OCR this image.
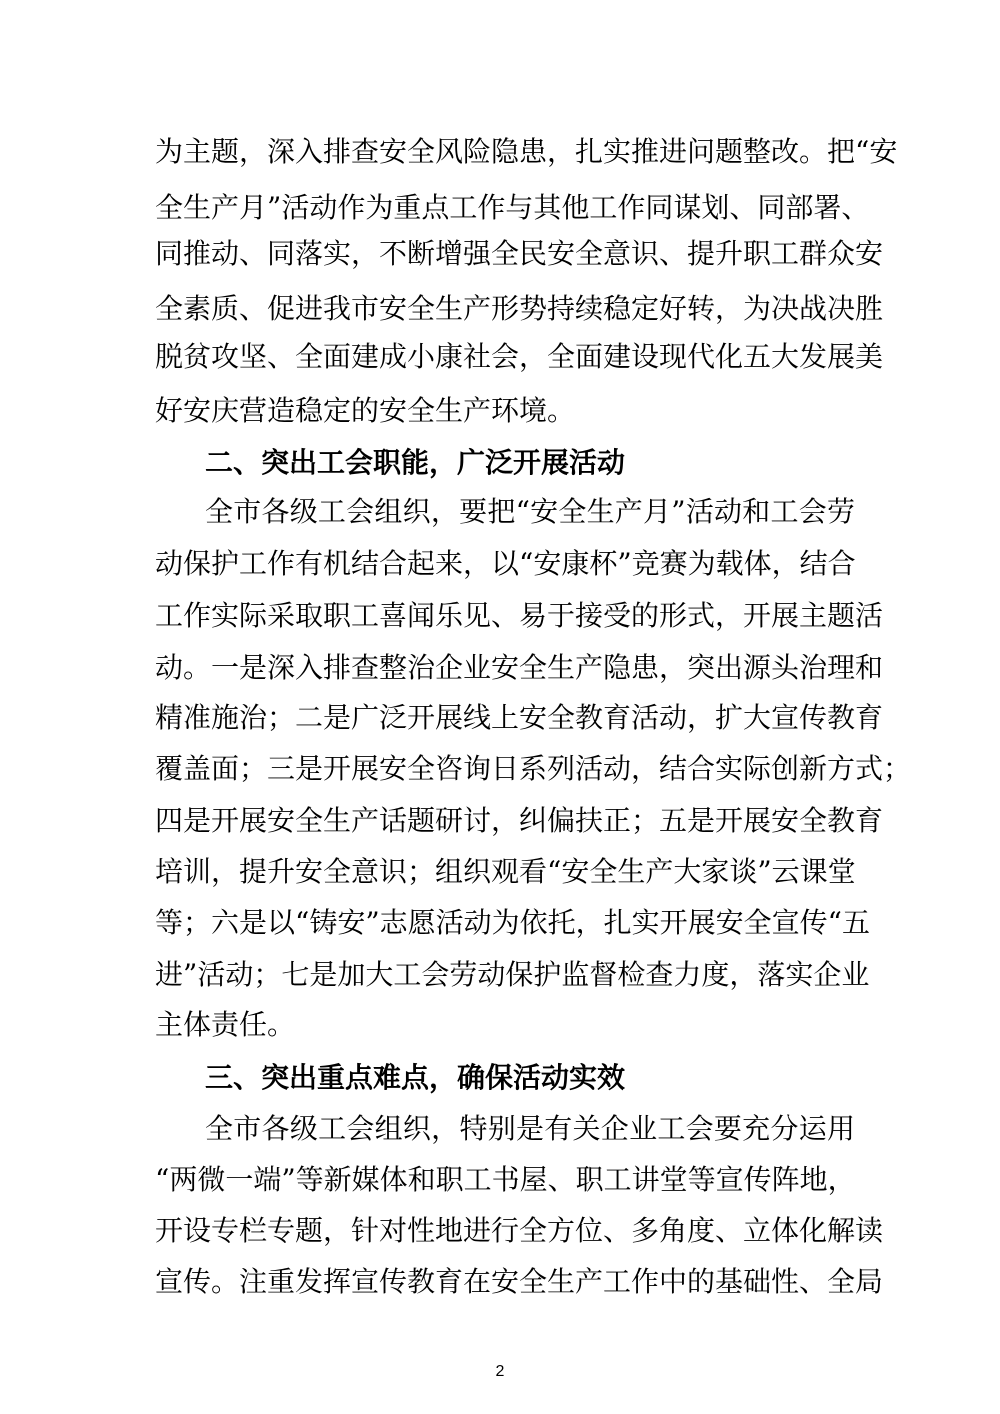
为主题，深入排查安全风险隐患，扎实推进问题整改。把“安
全生产月”活动作为重点工作与其他工作同谋划、同部署、
同推动、同落实，不断增强全民安全意识、提升职工群众安
全素质、促进我市安全生产形势持续稳定好转，为决战决胜
脱贫攻坚、全面建成小康社会，全面建设现代化五大发展美
好安庆营造稳定的安全生产环境。
二、突出工会职能，广泛开展活动
全市各级工会组织，要把“安全生产月”活动和工会劳
动保护工作有机结合起来，以“安康杯”竞赛为载体，结合
工作实际采取职工喜闻乐见、易于接受的形式，开展主题活
动。一是深入排查整治企业安全生产隐患，突出源头治理和
精准施治；二是广泛开展线上安全教育活动，扩大宣传教育
覆盖面；三是开展安全咨询日系列活动，结合实际创新方式；
四是开展安全生产话题研讨，纠偏扶正；五是开展安全教育
培训，提升安全意识；组织观看“安全生产大家谈”云课堂
等；六是以“铸安”志愿活动为依托，扎实开展安全宣传“五
进”活动；七是加大工会劳动保护监督检查力度，落实企业
主体责任。
三、突出重点难点，确保活动实效
全市各级工会组织，特别是有关企业工会要充分运用
“两微一端”等新媒体和职工书屋、职工讲堂等宣传阵地，
开设专栏专题，针对性地进行全方位、多角度、立体化解读
宣传。注重发挥宣传教育在安全生产工作中的基础性、全局
2
